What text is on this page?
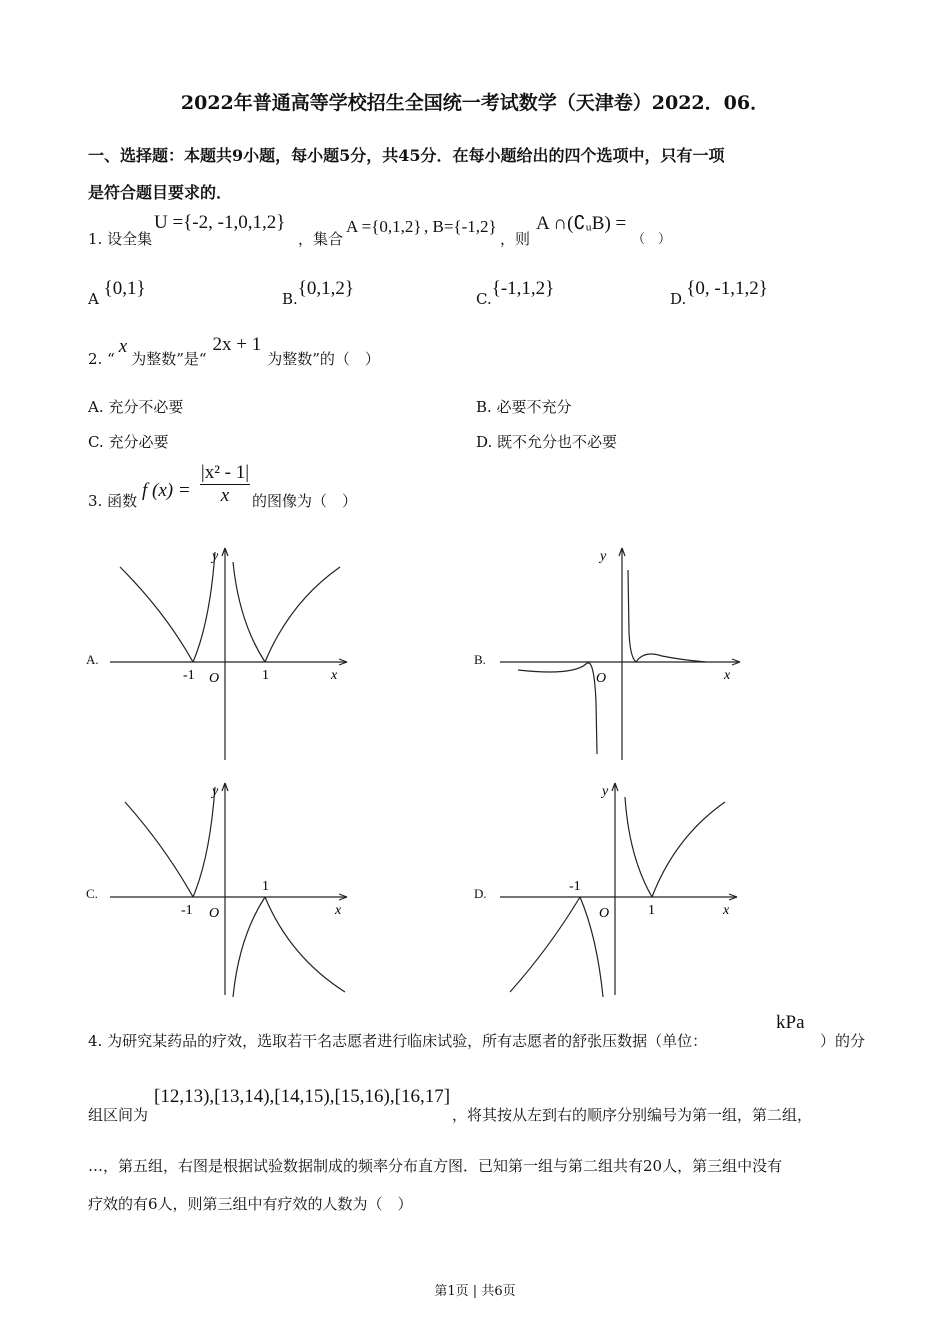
2022年普通高等学校招生全国统一考试数学（天津卷）2022．06．
一、选择题：本题共9小题，每小题5分，共45分．在每小题给出的四个选项中，只有一项
是符合题目要求的．
1. 设全集
U ={-2, -1,0,1,2}
，集合
A ={0,1,2} , B={-1,2}
，则
A ∩(∁ᵤB) =
（　）
A {0,1}	B.{0,1,2}	C.{-1,1,2}	D.{0, -1,1,2}
2. “x为整数”是“2x + 1为整数”的（　）
A. 充分不必要	B. 必要不充分
C. 充分必要	D. 既不允分也不必要
3. 函数 f $(x) = \frac{\text{|x² - 1|}}{x}$ 的图像为（　）
A.
-1	1
O	x
y
B.
O	x
y
C.
-1
1
O	x
y
D.	-1
1
O	x
y
4. 为研究某药品的疗效，选取若干名志愿者进行临床试验，所有志愿者的舒张压数据（单位：
kPa
）的分
组区间为
[12,13),[13,14),[14,15),[15,16),[16,17]
，将其按从左到右的顺序分别编号为第一组，第二组，
…，第五组，右图是根据试验数据制成的频率分布直方图．已知第一组与第二组共有20人，第三组中没有
疗效的有6人，则第三组中有疗效的人数为（　）
第1页 | 共6页
